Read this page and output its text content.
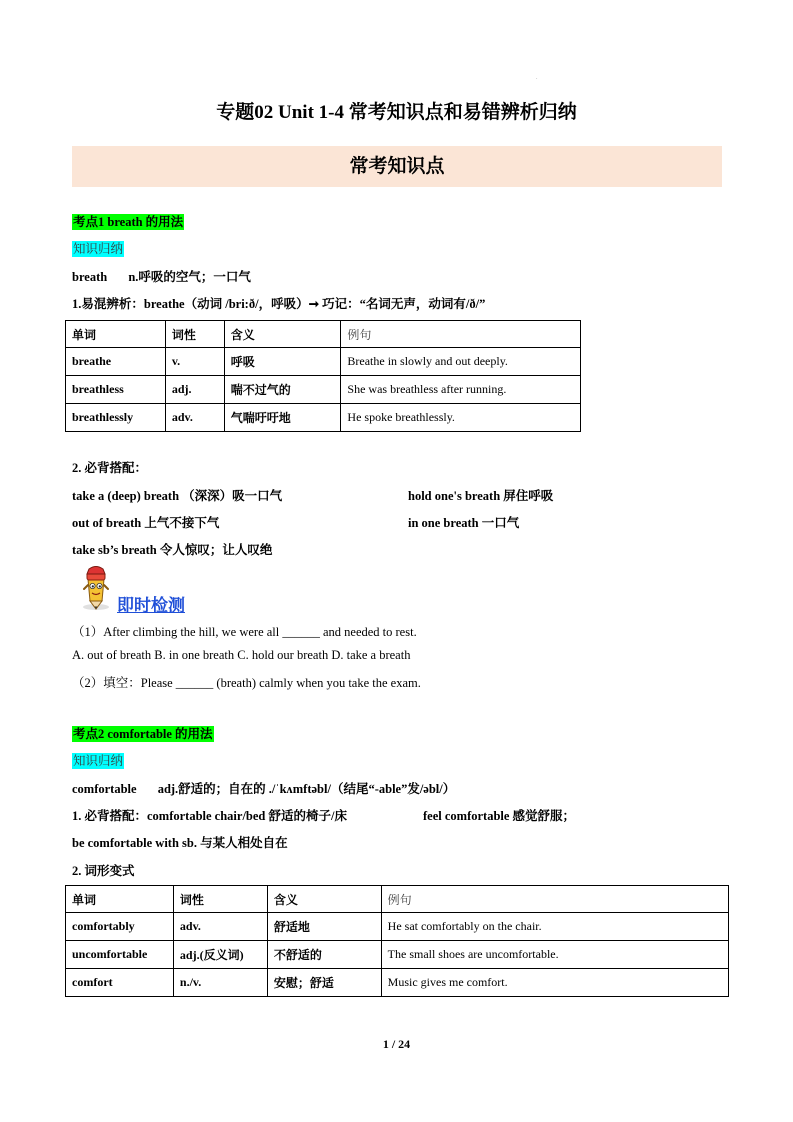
.
专题02 Unit 1-4 常考知识点和易错辨析归纳
常考知识点
考点1 breath 的用法
知识归纳
breath n.呼吸的空气；一口气
1.易混辨析：breathe（动词 /bri:ð/，呼吸）➞ 巧记：“名词无声，动词有/ð/”
单词	词性	含义	例句
breathe	v.	呼吸	Breathe in slowly and out deeply.
breathless	adj.	喘不过气的	She was breathless after running.
breathlessly	adv.	气喘吁吁地	He spoke breathlessly.
2. 必背搭配：
take a (deep) breath （深深）吸一口气	hold one's breath 屏住呼吸
out of breath 上气不接下气	in one breath 一口气
take sb’s breath 令人惊叹；让人叹绝
即时检测
（1）After climbing the hill, we were all ______ and needed to rest.
A. out of breath B. in one breath C. hold our breath D. take a breath
（2）填空：Please ______ (breath) calmly when you take the exam.
考点2 comfortable 的用法
知识归纳
comfortable adj.舒适的；自在的 ./ˈkʌmftəbl/（结尾“-able”发/əbl/）
1. 必背搭配：comfortable chair/bed 舒适的椅子/床	feel comfortable 感觉舒服；
be comfortable with sb. 与某人相处自在
2. 词形变式
单词	词性	含义	例句
comfortably	adv.	舒适地	He sat comfortably on the chair.
uncomfortable	adj.(反义词)	不舒适的	The small shoes are uncomfortable.
comfort	n./v.	安慰；舒适	Music gives me comfort.
1 / 24
